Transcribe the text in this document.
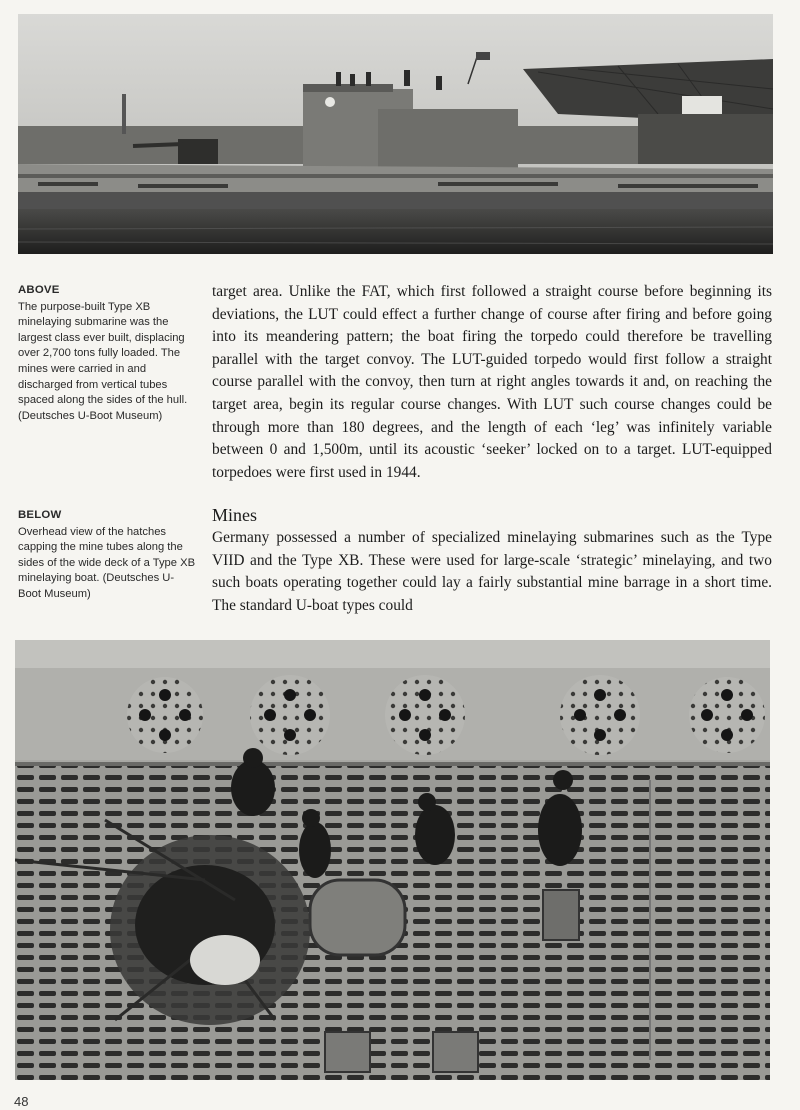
ABOVE
The purpose-built Type XB minelaying submarine was the largest class ever built, displacing over 2,700 tons fully loaded. The mines were carried in and discharged from vertical tubes spaced along the sides of the hull. (Deutsches U-Boot Museum)
BELOW
Overhead view of the hatches capping the mine tubes along the sides of the wide deck of a Type XB minelaying boat. (Deutsches U-Boot Museum)

target area. Unlike the FAT, which first followed a straight course before beginning its deviations, the LUT could effect a further change of course after firing and before going into its meandering pattern; the boat firing the torpedo could therefore be travelling parallel with the target convoy. The LUT-guided torpedo would first follow a straight course parallel with the convoy, then turn at right angles towards it and, on reaching the target area, begin its regular course changes. With LUT such course changes could be through more than 180 degrees, and the length of each ‘leg’ was infinitely variable between 0 and 1,500m, until its acoustic ‘seeker’ locked on to a target. LUT-equipped torpedoes were first used in 1944.

Mines

Germany possessed a number of specialized minelaying submarines such as the Type VIID and the Type XB. These were used for large-scale ‘strategic’ minelaying, and two such boats operating together could lay a fairly substantial mine barrage in a short time. The standard U-boat types could

48
